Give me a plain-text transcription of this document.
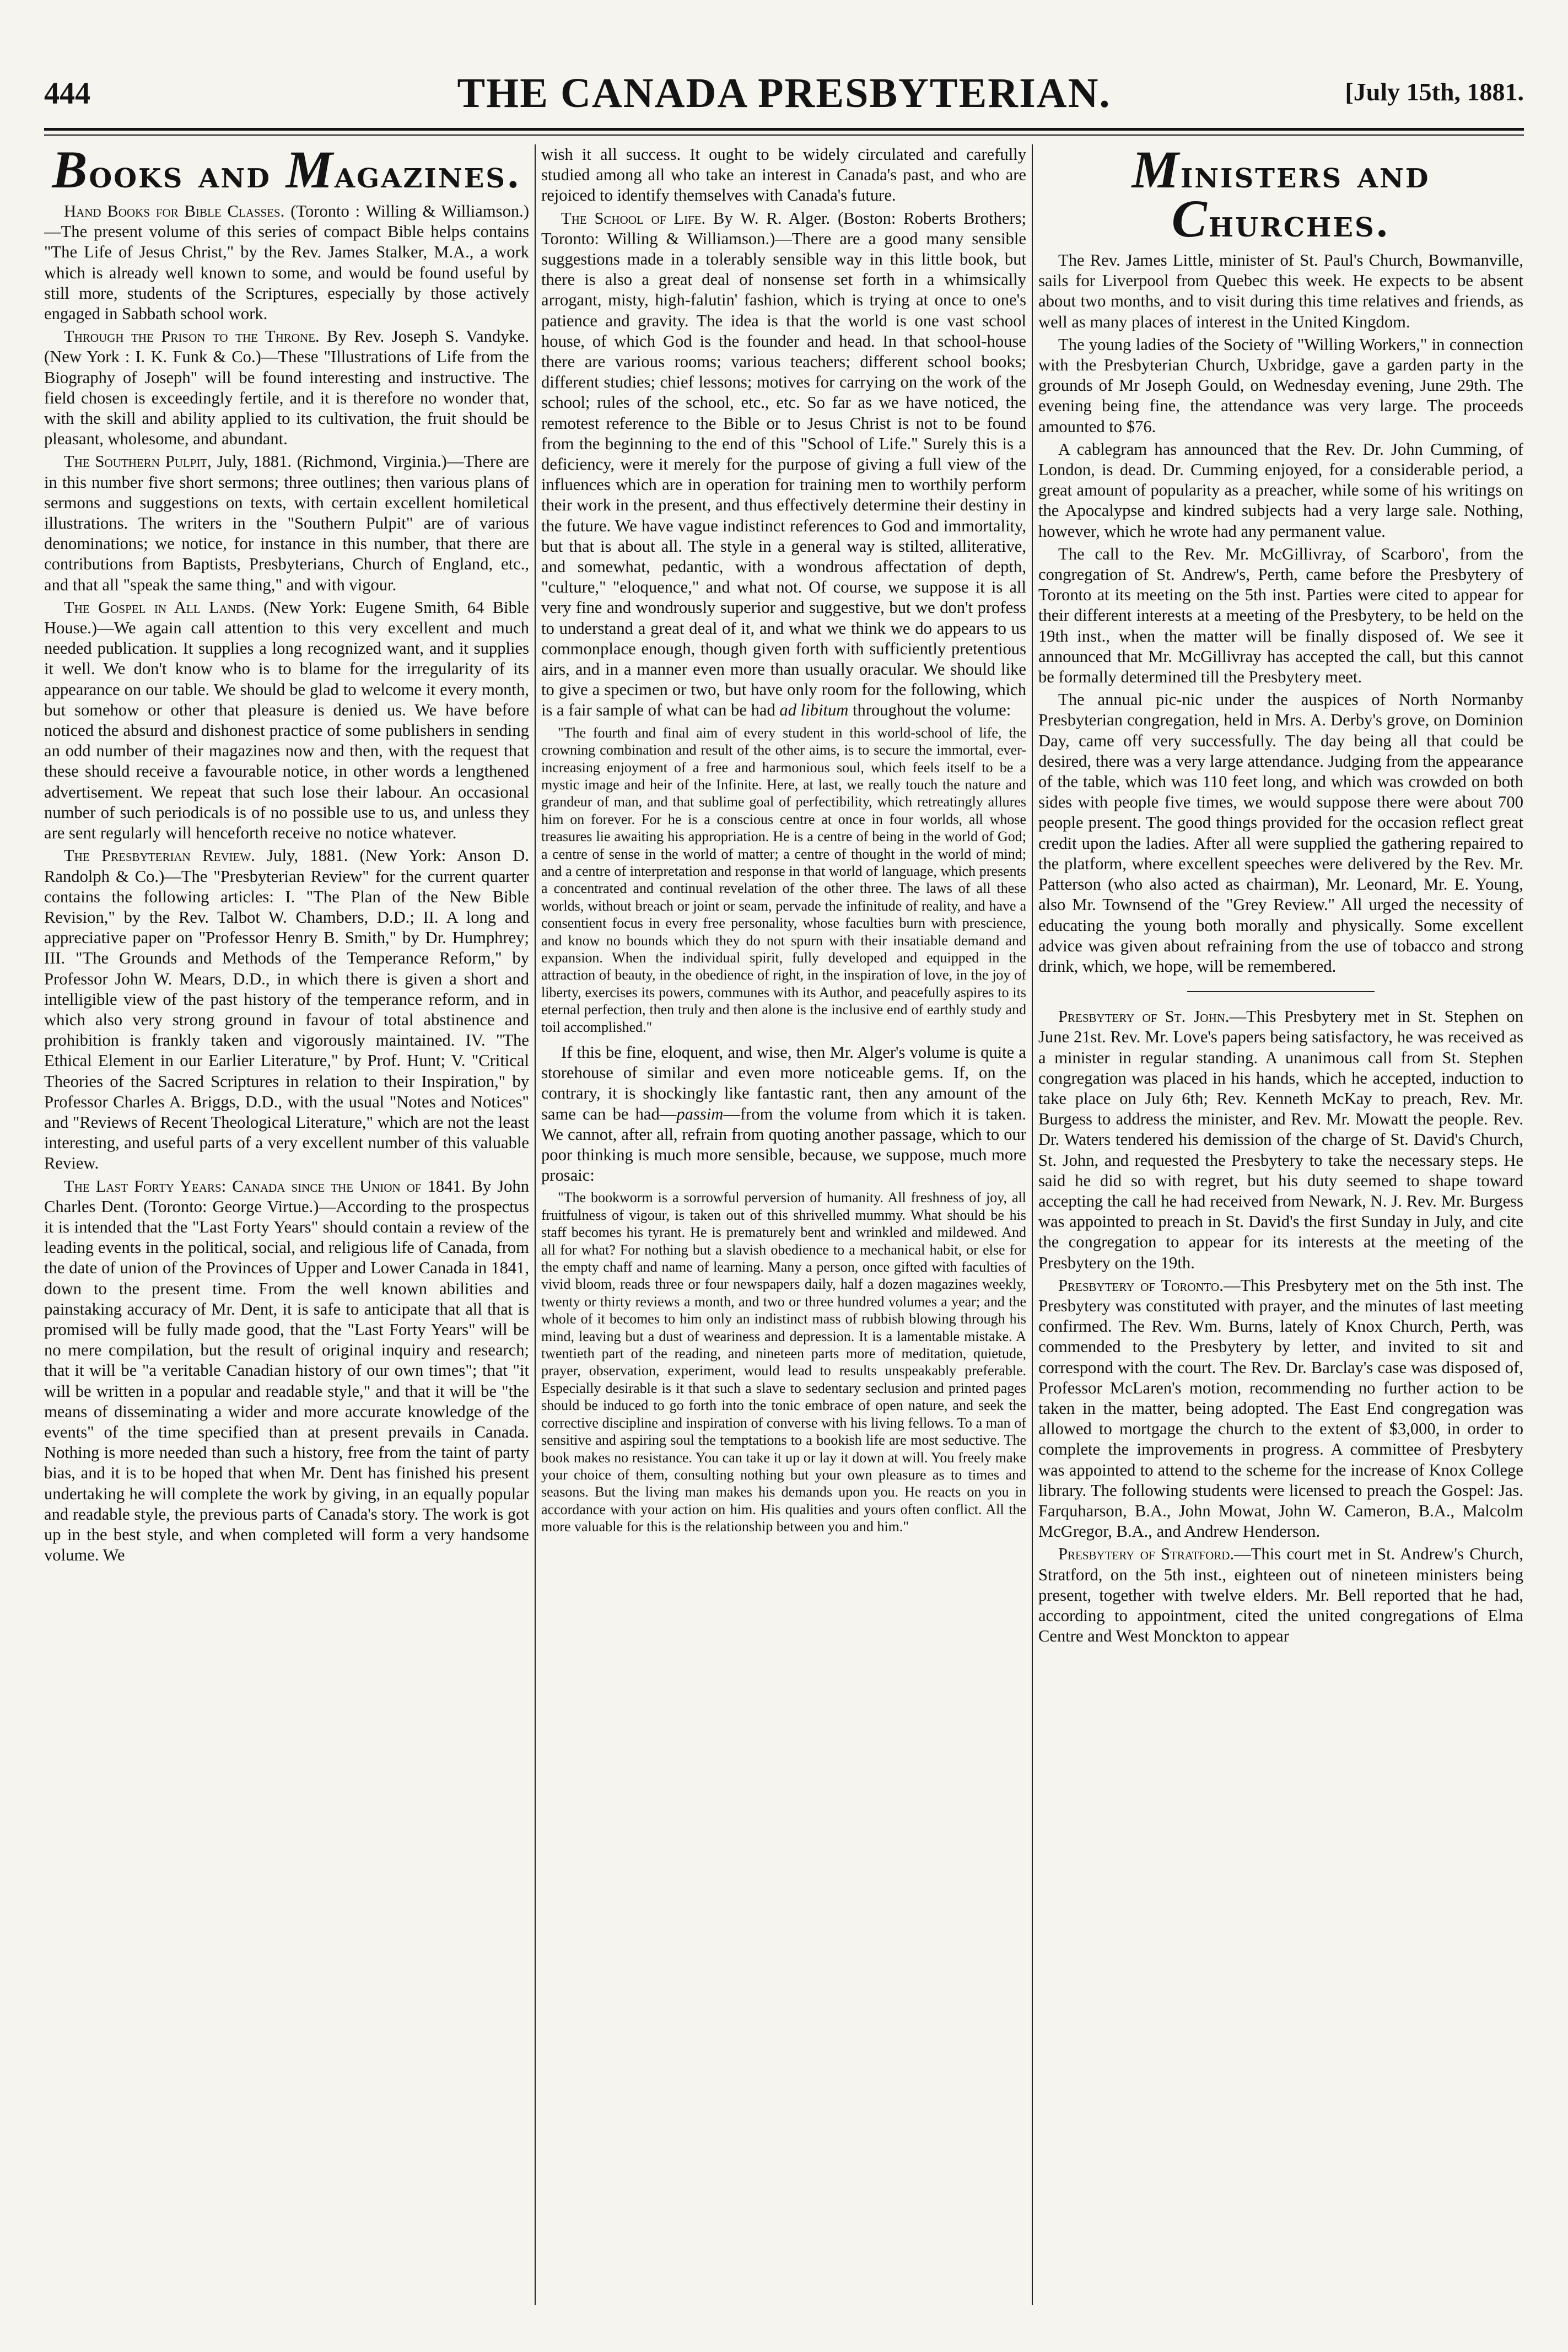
444	THE CANADA PRESBYTERIAN.	[July 15th, 1881.
Books and Magazines.

Hand Books for Bible Classes. (Toronto : Willing & Williamson.)—The present volume of this series of compact Bible helps contains "The Life of Jesus Christ," by the Rev. James Stalker, M.A., a work which is already well known to some, and would be found useful by still more, students of the Scriptures, especially by those actively engaged in Sabbath school work.

Through the Prison to the Throne. By Rev. Joseph S. Vandyke. (New York : I. K. Funk & Co.)—These "Illustrations of Life from the Biography of Joseph" will be found interesting and instructive. The field chosen is exceedingly fertile, and it is therefore no wonder that, with the skill and ability applied to its cultivation, the fruit should be pleasant, wholesome, and abundant.

The Southern Pulpit, July, 1881. (Richmond, Virginia.)—There are in this number five short sermons; three outlines; then various plans of sermons and suggestions on texts, with certain excellent homiletical illustrations. The writers in the "Southern Pulpit" are of various denominations; we notice, for instance in this number, that there are contributions from Baptists, Presbyterians, Church of England, etc., and that all "speak the same thing," and with vigour.

The Gospel in All Lands. (New York: Eugene Smith, 64 Bible House.)—We again call attention to this very excellent and much needed publication. It supplies a long recognized want, and it supplies it well. We don't know who is to blame for the irregularity of its appearance on our table. We should be glad to welcome it every month, but somehow or other that pleasure is denied us. We have before noticed the absurd and dishonest practice of some publishers in sending an odd number of their magazines now and then, with the request that these should receive a favourable notice, in other words a lengthened advertisement. We repeat that such lose their labour. An occasional number of such periodicals is of no possible use to us, and unless they are sent regularly will henceforth receive no notice whatever.

The Presbyterian Review. July, 1881. (New York: Anson D. Randolph & Co.)—The "Presbyterian Review" for the current quarter contains the following articles: I. "The Plan of the New Bible Revision," by the Rev. Talbot W. Chambers, D.D.; II. A long and appreciative paper on "Professor Henry B. Smith," by Dr. Humphrey; III. "The Grounds and Methods of the Temperance Reform," by Professor John W. Mears, D.D., in which there is given a short and intelligible view of the past history of the temperance reform, and in which also very strong ground in favour of total abstinence and prohibition is frankly taken and vigorously maintained. IV. "The Ethical Element in our Earlier Literature," by Prof. Hunt; V. "Critical Theories of the Sacred Scriptures in relation to their Inspiration," by Professor Charles A. Briggs, D.D., with the usual "Notes and Notices" and "Reviews of Recent Theological Literature," which are not the least interesting, and useful parts of a very excellent number of this valuable Review.

The Last Forty Years: Canada since the Union of 1841. By John Charles Dent. (Toronto: George Virtue.)—According to the prospectus it is intended that the "Last Forty Years" should contain a review of the leading events in the political, social, and religious life of Canada, from the date of union of the Provinces of Upper and Lower Canada in 1841, down to the present time. From the well known abilities and painstaking accuracy of Mr. Dent, it is safe to anticipate that all that is promised will be fully made good, that the "Last Forty Years" will be no mere compilation, but the result of original inquiry and research; that it will be "a veritable Canadian history of our own times"; that "it will be written in a popular and readable style," and that it will be "the means of disseminating a wider and more accurate knowledge of the events" of the time specified than at present prevails in Canada. Nothing is more needed than such a history, free from the taint of party bias, and it is to be hoped that when Mr. Dent has finished his present undertaking he will complete the work by giving, in an equally popular and readable style, the previous parts of Canada's story. The work is got up in the best style, and when completed will form a very handsome volume. We

wish it all success. It ought to be widely circulated and carefully studied among all who take an interest in Canada's past, and who are rejoiced to identify themselves with Canada's future.

The School of Life. By W. R. Alger. (Boston: Roberts Brothers; Toronto: Willing & Williamson.)—There are a good many sensible suggestions made in a tolerably sensible way in this little book, but there is also a great deal of nonsense set forth in a whimsically arrogant, misty, high-falutin' fashion, which is trying at once to one's patience and gravity. The idea is that the world is one vast school house, of which God is the founder and head. In that school-house there are various rooms; various teachers; different school books; different studies; chief lessons; motives for carrying on the work of the school; rules of the school, etc., etc. So far as we have noticed, the remotest reference to the Bible or to Jesus Christ is not to be found from the beginning to the end of this "School of Life." Surely this is a deficiency, were it merely for the purpose of giving a full view of the influences which are in operation for training men to worthily perform their work in the present, and thus effectively determine their destiny in the future. We have vague indistinct references to God and immortality, but that is about all. The style in a general way is stilted, alliterative, and somewhat, pedantic, with a wondrous affectation of depth, "culture," "eloquence," and what not. Of course, we suppose it is all very fine and wondrously superior and suggestive, but we don't profess to understand a great deal of it, and what we think we do appears to us commonplace enough, though given forth with sufficiently pretentious airs, and in a manner even more than usually oracular. We should like to give a specimen or two, but have only room for the following, which is a fair sample of what can be had ad libitum throughout the volume:

"The fourth and final aim of every student in this world-school of life, the crowning combination and result of the other aims, is to secure the immortal, ever-increasing enjoyment of a free and harmonious soul, which feels itself to be a mystic image and heir of the Infinite. Here, at last, we really touch the nature and grandeur of man, and that sublime goal of perfectibility, which retreatingly allures him on forever. For he is a conscious centre at once in four worlds, all whose treasures lie awaiting his appropriation. He is a centre of being in the world of God; a centre of sense in the world of matter; a centre of thought in the world of mind; and a centre of interpretation and response in that world of language, which presents a concentrated and continual revelation of the other three. The laws of all these worlds, without breach or joint or seam, pervade the infinitude of reality, and have a consentient focus in every free personality, whose faculties burn with prescience, and know no bounds which they do not spurn with their insatiable demand and expansion. When the individual spirit, fully developed and equipped in the attraction of beauty, in the obedience of right, in the inspiration of love, in the joy of liberty, exercises its powers, communes with its Author, and peacefully aspires to its eternal perfection, then truly and then alone is the inclusive end of earthly study and toil accomplished."

If this be fine, eloquent, and wise, then Mr. Alger's volume is quite a storehouse of similar and even more noticeable gems. If, on the contrary, it is shockingly like fantastic rant, then any amount of the same can be had—passim—from the volume from which it is taken. We cannot, after all, refrain from quoting another passage, which to our poor thinking is much more sensible, because, we suppose, much more prosaic:

"The bookworm is a sorrowful perversion of humanity. All freshness of joy, all fruitfulness of vigour, is taken out of this shrivelled mummy. What should be his staff becomes his tyrant. He is prematurely bent and wrinkled and mildewed. And all for what? For nothing but a slavish obedience to a mechanical habit, or else for the empty chaff and name of learning. Many a person, once gifted with faculties of vivid bloom, reads three or four newspapers daily, half a dozen magazines weekly, twenty or thirty reviews a month, and two or three hundred volumes a year; and the whole of it becomes to him only an indistinct mass of rubbish blowing through his mind, leaving but a dust of weariness and depression. It is a lamentable mistake. A twentieth part of the reading, and nineteen parts more of meditation, quietude, prayer, observation, experiment, would lead to results unspeakably preferable. Especially desirable is it that such a slave to sedentary seclusion and printed pages should be induced to go forth into the tonic embrace of open nature, and seek the corrective discipline and inspiration of converse with his living fellows. To a man of sensitive and aspiring soul the temptations to a bookish life are most seductive. The book makes no resistance. You can take it up or lay it down at will. You freely make your choice of them, consulting nothing but your own pleasure as to times and seasons. But the living man makes his demands upon you. He reacts on you in accordance with your action on him. His qualities and yours often conflict. All the more valuable for this is the relationship between you and him."

Ministers and Churches.

The Rev. James Little, minister of St. Paul's Church, Bowmanville, sails for Liverpool from Quebec this week. He expects to be absent about two months, and to visit during this time relatives and friends, as well as many places of interest in the United Kingdom.

The young ladies of the Society of "Willing Workers," in connection with the Presbyterian Church, Uxbridge, gave a garden party in the grounds of Mr Joseph Gould, on Wednesday evening, June 29th. The evening being fine, the attendance was very large. The proceeds amounted to $76.

A cablegram has announced that the Rev. Dr. John Cumming, of London, is dead. Dr. Cumming enjoyed, for a considerable period, a great amount of popularity as a preacher, while some of his writings on the Apocalypse and kindred subjects had a very large sale. Nothing, however, which he wrote had any permanent value.

The call to the Rev. Mr. McGillivray, of Scarboro', from the congregation of St. Andrew's, Perth, came before the Presbytery of Toronto at its meeting on the 5th inst. Parties were cited to appear for their different interests at a meeting of the Presbytery, to be held on the 19th inst., when the matter will be finally disposed of. We see it announced that Mr. McGillivray has accepted the call, but this cannot be formally determined till the Presbytery meet.

The annual pic-nic under the auspices of North Normanby Presbyterian congregation, held in Mrs. A. Derby's grove, on Dominion Day, came off very successfully. The day being all that could be desired, there was a very large attendance. Judging from the appearance of the table, which was 110 feet long, and which was crowded on both sides with people five times, we would suppose there were about 700 people present. The good things provided for the occasion reflect great credit upon the ladies. After all were supplied the gathering repaired to the platform, where excellent speeches were delivered by the Rev. Mr. Patterson (who also acted as chairman), Mr. Leonard, Mr. E. Young, also Mr. Townsend of the "Grey Review." All urged the necessity of educating the young both morally and physically. Some excellent advice was given about refraining from the use of tobacco and strong drink, which, we hope, will be remembered.

Presbytery of St. John.—This Presbytery met in St. Stephen on June 21st. Rev. Mr. Love's papers being satisfactory, he was received as a minister in regular standing. A unanimous call from St. Stephen congregation was placed in his hands, which he accepted, induction to take place on July 6th; Rev. Kenneth McKay to preach, Rev. Mr. Burgess to address the minister, and Rev. Mr. Mowatt the people. Rev. Dr. Waters tendered his demission of the charge of St. David's Church, St. John, and requested the Presbytery to take the necessary steps. He said he did so with regret, but his duty seemed to shape toward accepting the call he had received from Newark, N. J. Rev. Mr. Burgess was appointed to preach in St. David's the first Sunday in July, and cite the congregation to appear for its interests at the meeting of the Presbytery on the 19th.

Presbytery of Toronto.—This Presbytery met on the 5th inst. The Presbytery was constituted with prayer, and the minutes of last meeting confirmed. The Rev. Wm. Burns, lately of Knox Church, Perth, was commended to the Presbytery by letter, and invited to sit and correspond with the court. The Rev. Dr. Barclay's case was disposed of, Professor McLaren's motion, recommending no further action to be taken in the matter, being adopted. The East End congregation was allowed to mortgage the church to the extent of $3,000, in order to complete the improvements in progress. A committee of Presbytery was appointed to attend to the scheme for the increase of Knox College library. The following students were licensed to preach the Gospel: Jas. Farquharson, B.A., John Mowat, John W. Cameron, B.A., Malcolm McGregor, B.A., and Andrew Henderson.

Presbytery of Stratford.—This court met in St. Andrew's Church, Stratford, on the 5th inst., eighteen out of nineteen ministers being present, together with twelve elders. Mr. Bell reported that he had, according to appointment, cited the united congregations of Elma Centre and West Monckton to appear
